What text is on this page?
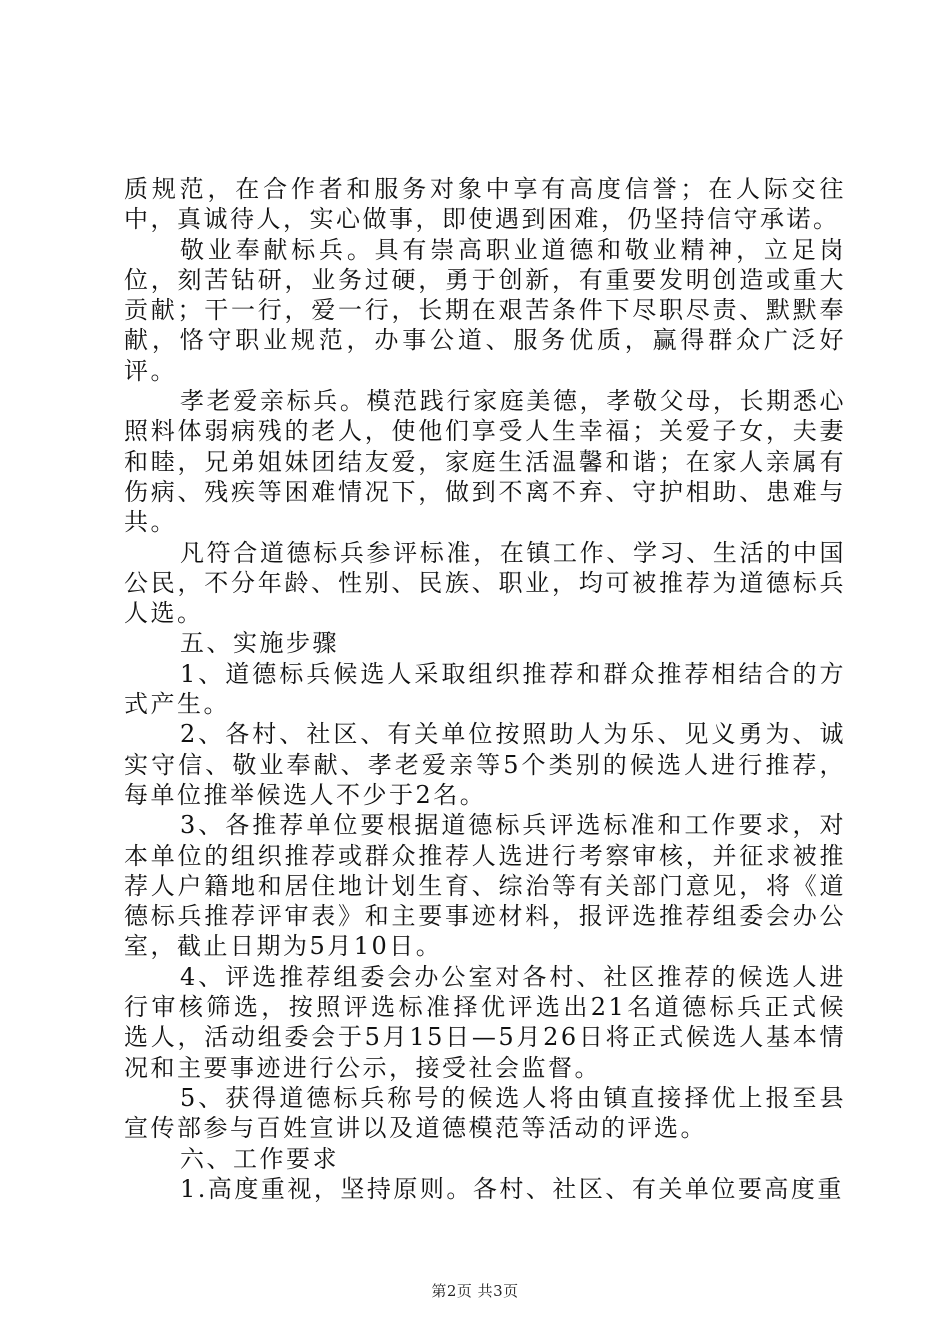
质规范，在合作者和服务对象中享有高度信誉；在人际交往中，真诚待人，实心做事，即使遇到困难，仍坚持信守承诺。

敬业奉献标兵。具有崇高职业道德和敬业精神，立足岗位，刻苦钻研，业务过硬，勇于创新，有重要发明创造或重大贡献；干一行，爱一行，长期在艰苦条件下尽职尽责、默默奉献，恪守职业规范，办事公道、服务优质，赢得群众广泛好评。

孝老爱亲标兵。模范践行家庭美德，孝敬父母，长期悉心照料体弱病残的老人，使他们享受人生幸福；关爱子女，夫妻和睦，兄弟姐妹团结友爱，家庭生活温馨和谐；在家人亲属有伤病、残疾等困难情况下，做到不离不弃、守护相助、患难与共。

凡符合道德标兵参评标准，在镇工作、学习、生活的中国公民，不分年龄、性别、民族、职业，均可被推荐为道德标兵人选。

五、实施步骤

1、道德标兵候选人采取组织推荐和群众推荐相结合的方式产生。

2、各村、社区、有关单位按照助人为乐、见义勇为、诚实守信、敬业奉献、孝老爱亲等5个类别的候选人进行推荐，每单位推举候选人不少于2名。

3、各推荐单位要根据道德标兵评选标准和工作要求，对本单位的组织推荐或群众推荐人选进行考察审核，并征求被推荐人户籍地和居住地计划生育、综治等有关部门意见，将《道德标兵推荐评审表》和主要事迹材料，报评选推荐组委会办公室，截止日期为5月10日。

4、评选推荐组委会办公室对各村、社区推荐的候选人进行审核筛选，按照评选标准择优评选出21名道德标兵正式候选人，活动组委会于5月15日—5月26日将正式候选人基本情况和主要事迹进行公示，接受社会监督。

5、获得道德标兵称号的候选人将由镇直接择优上报至县宣传部参与百姓宣讲以及道德模范等活动的评选。

六、工作要求

1.高度重视，坚持原则。各村、社区、有关单位要高度重

第2页 共3页
